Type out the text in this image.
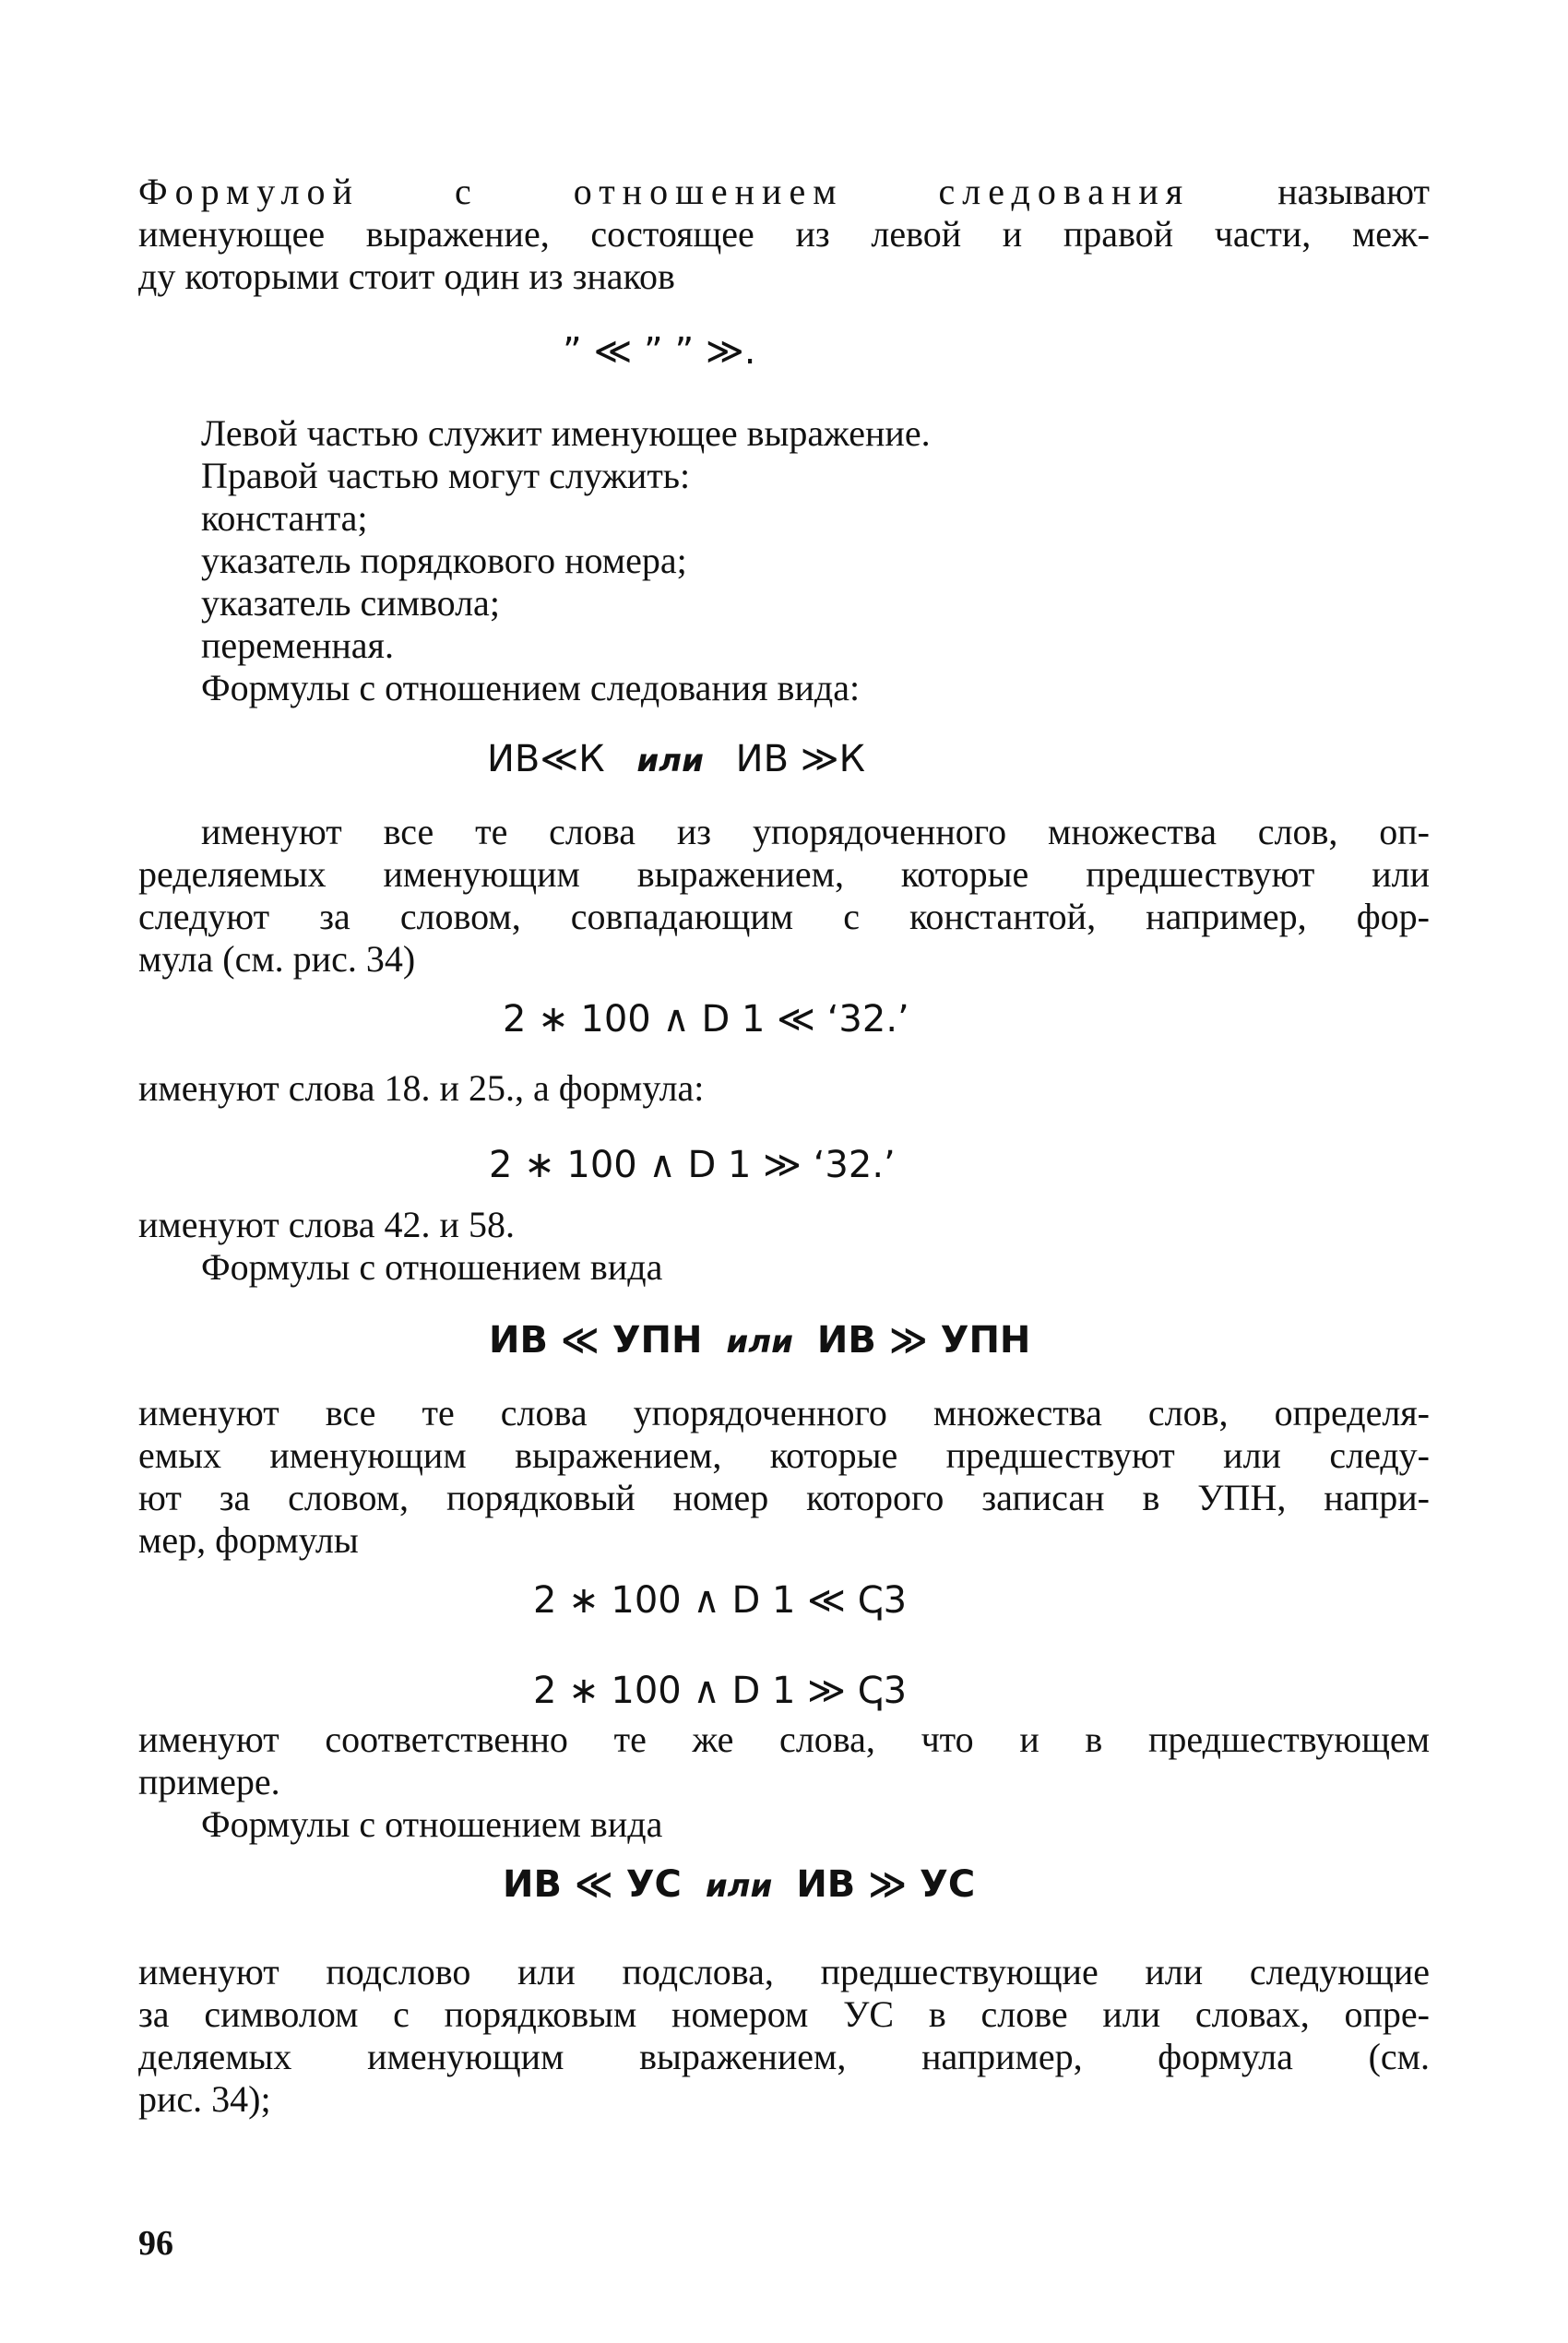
Формулой с отношением следования называют
именующее выражение, состоящее из левой и правой части, меж-
ду которыми стоит один из знаков
” ≪ ” ” ≫.
Левой частью служит именующее выражение.
Правой частью могут служить:
константа;
указатель порядкового номера;
указатель символа;
переменная.
Формулы с отношением следования вида:
ИВ≪К или ИВ ≫К
именуют все те слова из упорядоченного множества слов, оп-
ределяемых именующим выражением, которые предшествуют или
следуют за словом, совпадающим с константой, например, фор-
мула (см. рис. 34)
2 ∗ 100 ∧ D 1 ≪ ‘32.’
именуют слова 18. и 25., а формула:
2 ∗ 100 ∧ D 1 ≫ ‘32.’
именуют слова 42. и 58.
Формулы с отношением вида
ИВ ≪ УПН или ИВ ≫ УПН
именуют все те слова упорядоченного множества слов, определя-
емых именующим выражением, которые предшествуют или следу-
ют за словом, порядковый номер которого записан в УПН, напри-
мер, формулы
2 ∗ 100 ∧ D 1 ≪ ↅ3
2 ∗ 100 ∧ D 1 ≫ ↅ3
именуют соответственно те же слова, что и в предшествующем
примере.
Формулы с отношением вида
ИВ ≪ УС или ИВ ≫ УС
именуют подслово или подслова, предшествующие или следующие
за символом с порядковым номером УС в слове или словах, опре-
деляемых именующим выражением, например, формула (см.
рис. 34);
96
